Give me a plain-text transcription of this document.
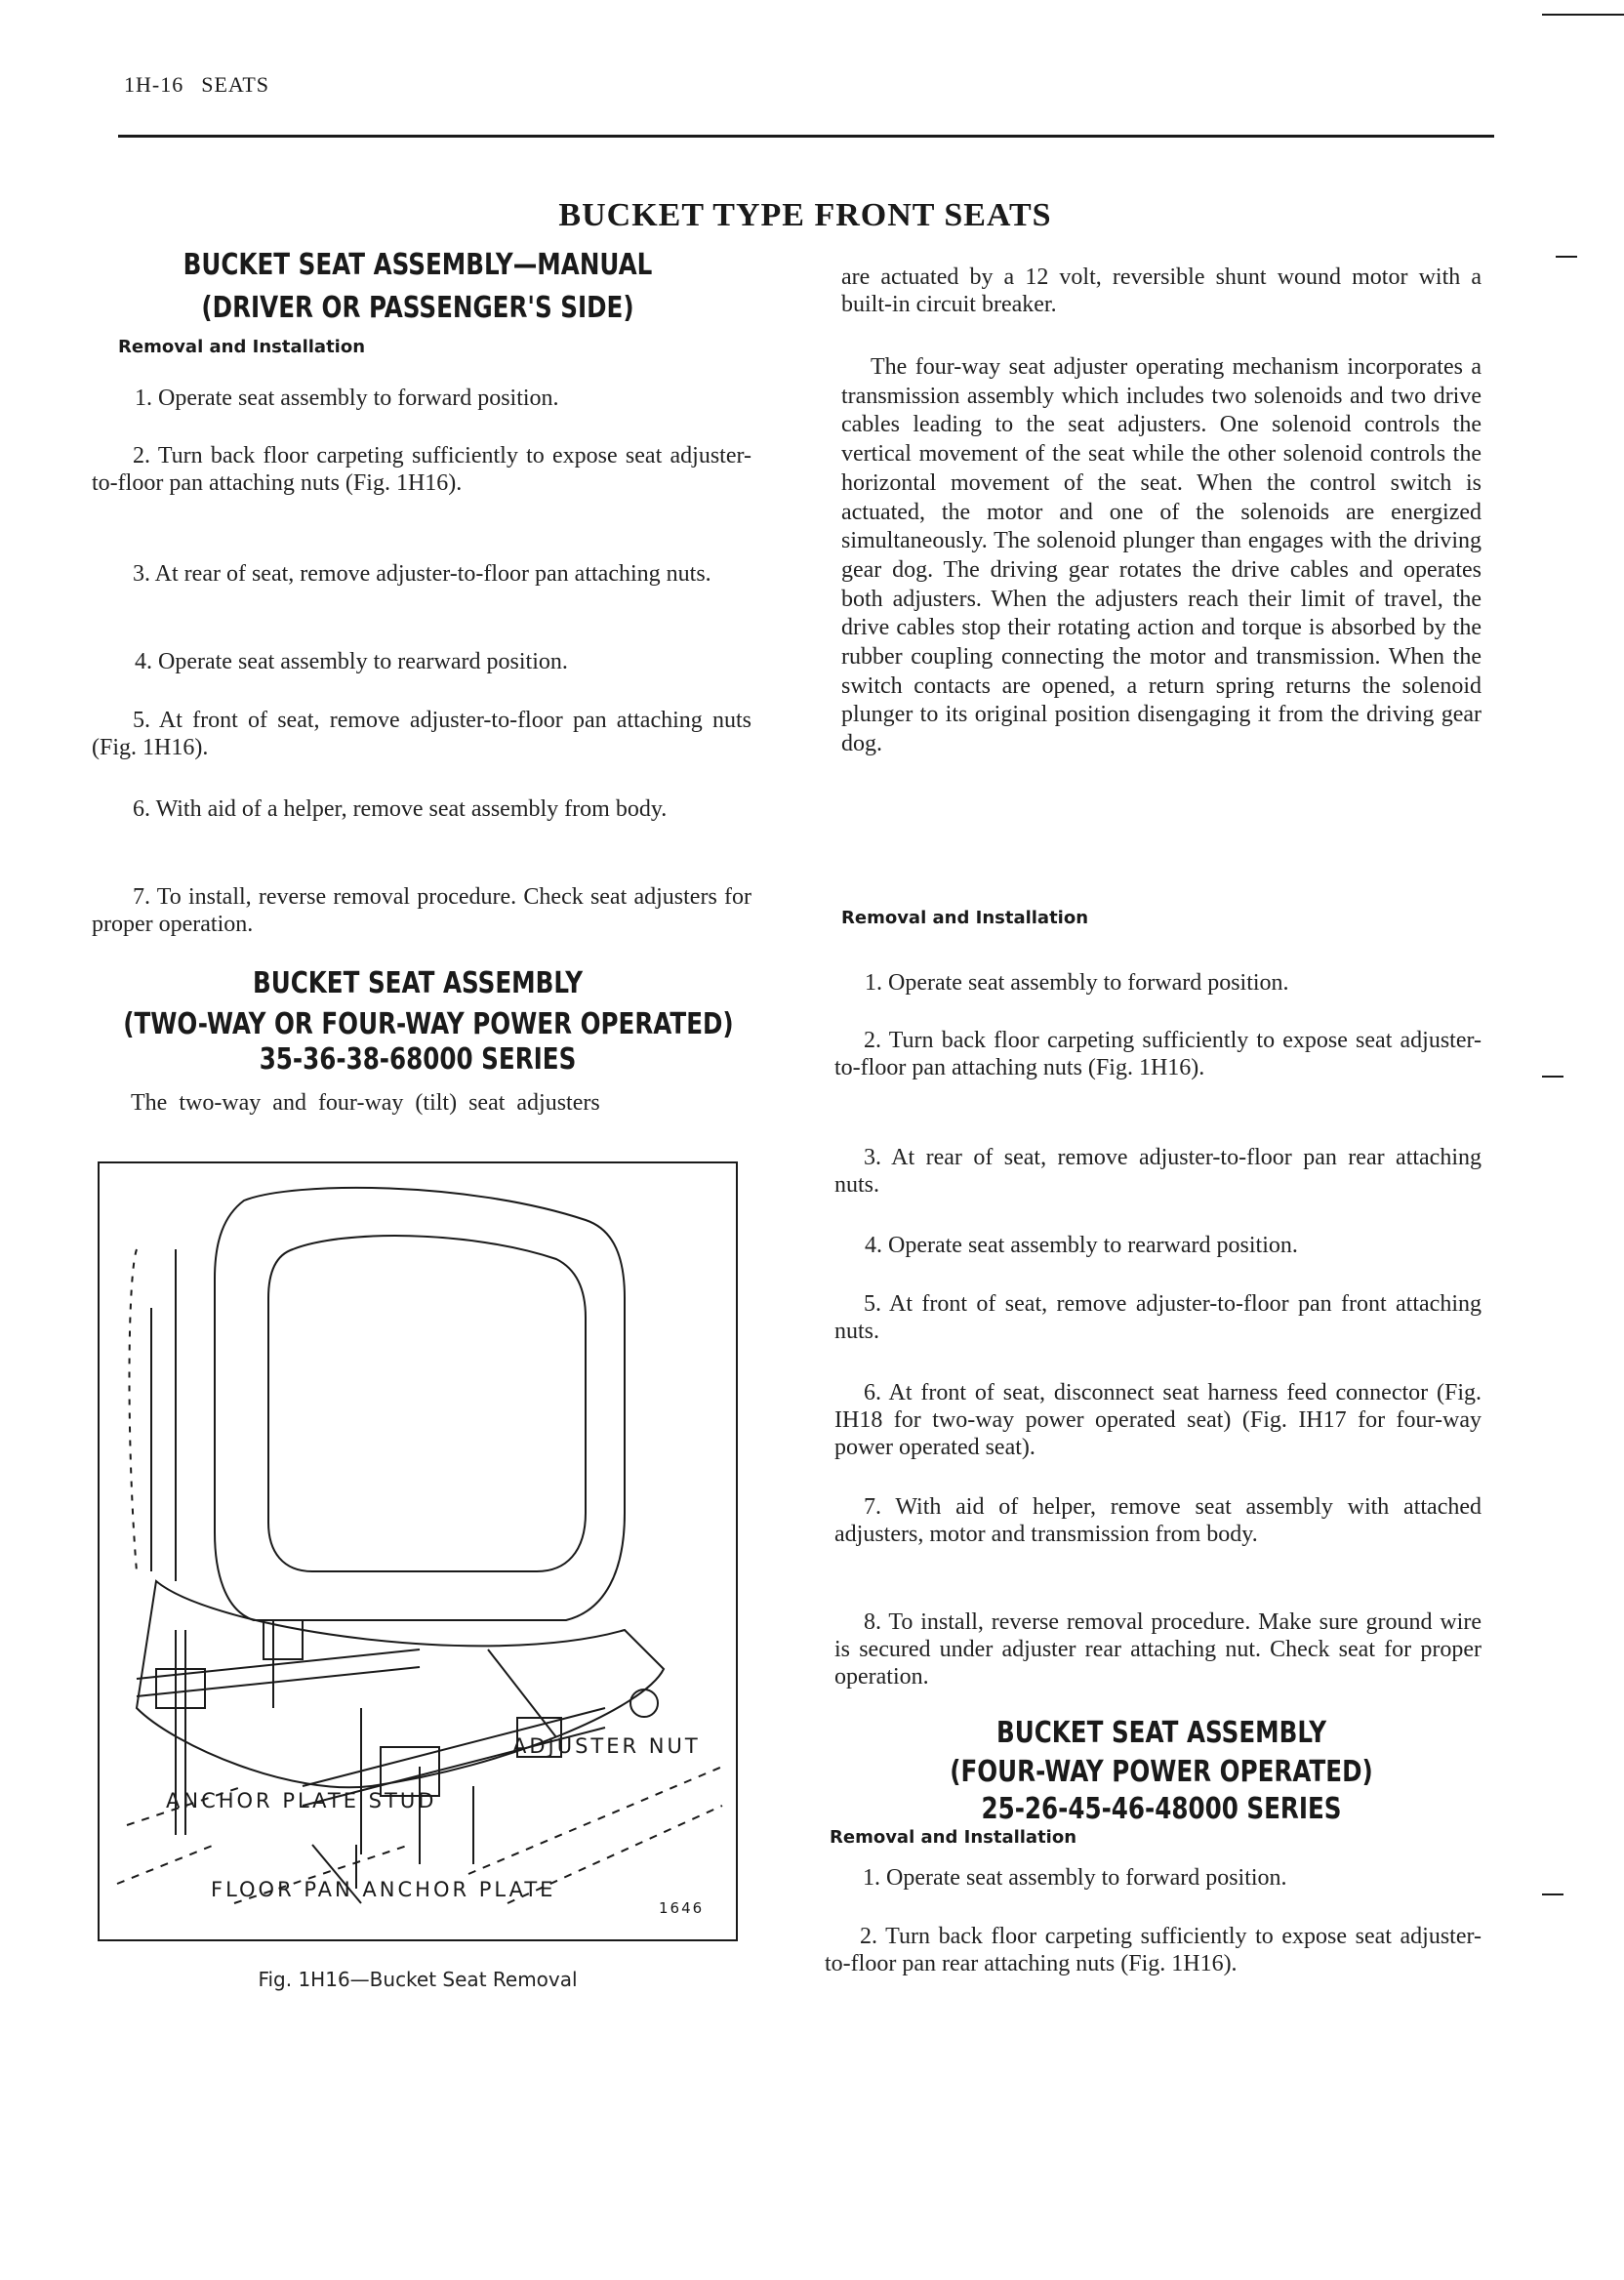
1H-16 SEATS
BUCKET TYPE FRONT SEATS
BUCKET SEAT ASSEMBLY—MANUAL
(DRIVER OR PASSENGER'S SIDE)
Removal and Installation
1. Operate seat assembly to forward position.
2. Turn back floor carpeting sufficiently to expose seat adjuster-to-floor pan attaching nuts (Fig. 1H16).
3. At rear of seat, remove adjuster-to-floor pan attaching nuts.
4. Operate seat assembly to rearward position.
5. At front of seat, remove adjuster-to-floor pan attaching nuts (Fig. 1H16).
6. With aid of a helper, remove seat assembly from body.
7. To install, reverse removal procedure. Check seat adjusters for proper operation.
BUCKET SEAT ASSEMBLY
(TWO-WAY OR FOUR-WAY POWER OPERATED)
35-36-38-68000 SERIES
The two-way and four-way (tilt) seat adjusters
ADJUSTER NUT
ANCHOR PLATE STUD
FLOOR PAN ANCHOR PLATE
1646
Fig. 1H16—Bucket Seat Removal
are actuated by a 12 volt, reversible shunt wound motor with a built-in circuit breaker.
The four-way seat adjuster operating mechanism incorporates a transmission assembly which includes two solenoids and two drive cables leading to the seat adjusters. One solenoid controls the vertical movement of the seat while the other solenoid controls the horizontal movement of the seat. When the control switch is actuated, the motor and one of the solenoids are energized simultaneously. The solenoid plunger than engages with the driving gear dog. The driving gear rotates the drive cables and operates both adjusters. When the adjusters reach their limit of travel, the drive cables stop their rotating action and torque is absorbed by the rubber coupling connecting the motor and transmission. When the switch contacts are opened, a return spring returns the solenoid plunger to its original position disengaging it from the driving gear dog.
Removal and Installation
1. Operate seat assembly to forward position.
2. Turn back floor carpeting sufficiently to expose seat adjuster-to-floor pan attaching nuts (Fig. 1H16).
3. At rear of seat, remove adjuster-to-floor pan rear attaching nuts.
4. Operate seat assembly to rearward position.
5. At front of seat, remove adjuster-to-floor pan front attaching nuts.
6. At front of seat, disconnect seat harness feed connector (Fig. IH18 for two-way power operated seat) (Fig. IH17 for four-way power operated seat).
7. With aid of helper, remove seat assembly with attached adjusters, motor and transmission from body.
8. To install, reverse removal procedure. Make sure ground wire is secured under adjuster rear attaching nut. Check seat for proper operation.
BUCKET SEAT ASSEMBLY
(FOUR-WAY POWER OPERATED)
25-26-45-46-48000 SERIES
Removal and Installation
1. Operate seat assembly to forward position.
2. Turn back floor carpeting sufficiently to expose seat adjuster-to-floor pan rear attaching nuts (Fig. 1H16).
